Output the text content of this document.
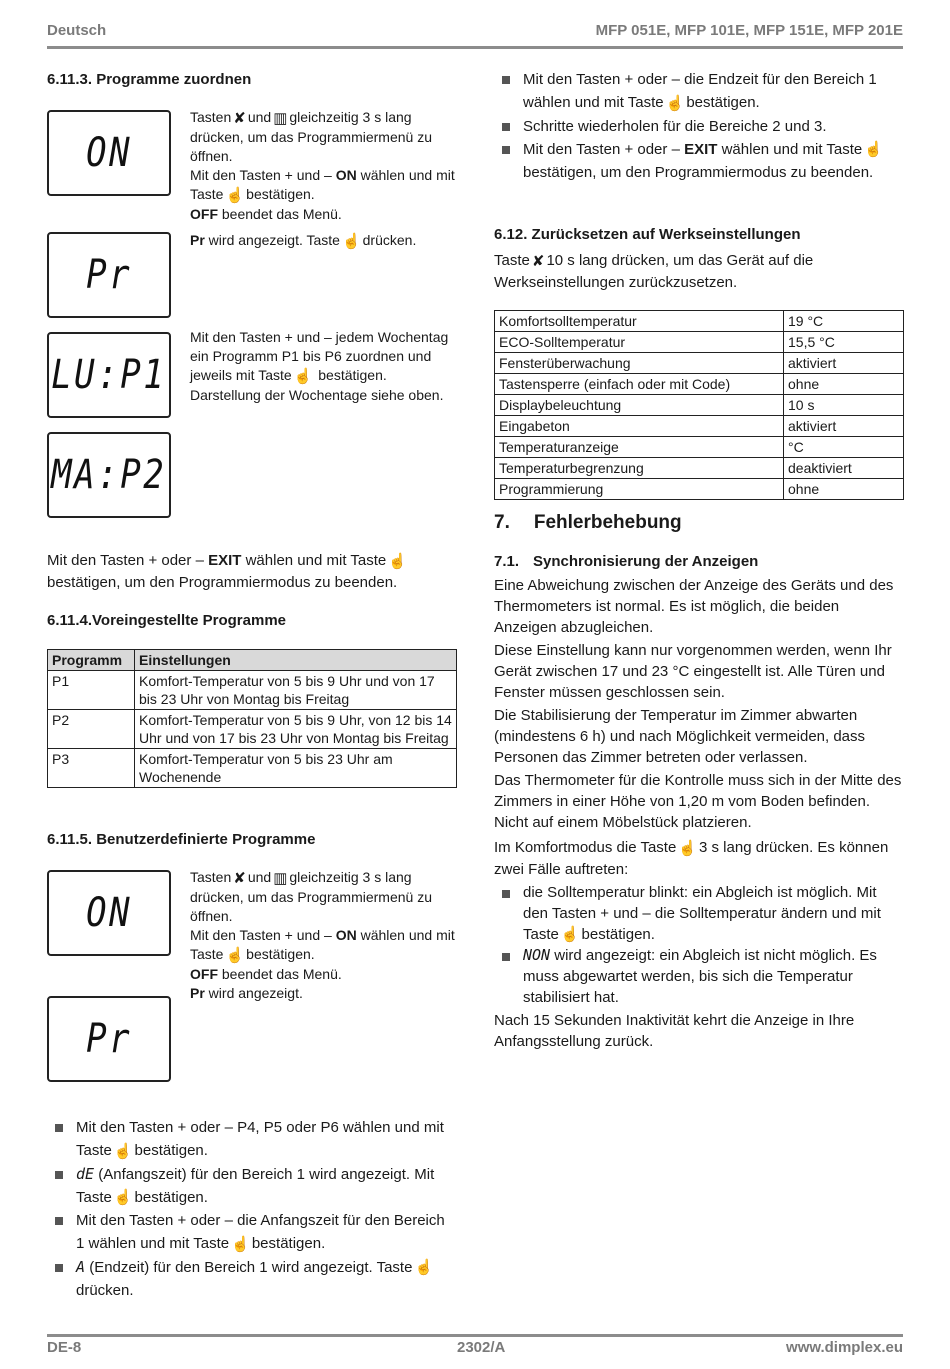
Deutsch	MFP 051E, MFP 101E, MFP 151E, MFP 201E
6.11.3. Programme zuordnen
ON
Tasten ✘ und ▥ gleichzeitig 3 s lang drücken, um das Programmiermenü zu öffnen.
Mit den Tasten + und – ON wählen und mit Taste ☝ bestätigen.
OFF beendet das Menü.
Pr
Pr wird angezeigt. Taste ☝ drücken.
LU:P1
Mit den Tasten + und – jedem Wochentag ein Programm P1 bis P6 zuordnen und jeweils mit Taste ☝ bestätigen.
Darstellung der Wochentage siehe oben.
MA:P2

Mit den Tasten + oder – EXIT wählen und mit Taste ☝bestätigen, um den Programmiermodus zu beenden.

6.11.4.Voreingestellte Programme
Programm	Einstellungen
P1	Komfort-Temperatur von 5 bis 9 Uhr und von 17 bis 23 Uhr von Montag bis Freitag
P2	Komfort-Temperatur von 5 bis 9 Uhr, von 12 bis 14 Uhr und von 17 bis 23 Uhr von Montag bis Freitag
P3	Komfort-Temperatur von 5 bis 23 Uhr am Wochenende
6.11.5. Benutzerdefinierte Programme
ON
Tasten ✘ und ▥ gleichzeitig 3 s lang drücken, um das Programmiermenü zu öffnen.
Mit den Tasten + und – ON wählen und mit Taste ☝ bestätigen.
OFF beendet das Menü.
Pr wird angezeigt.
Pr
Mit den Tasten + oder – P4, P5 oder P6 wählen und mit Taste ☝ bestätigen.
dE (Anfangszeit) für den Bereich 1 wird angezeigt. Mit Taste ☝ bestätigen.
Mit den Tasten + oder – die Anfangszeit für den Bereich 1 wählen und mit Taste ☝ bestätigen.
A (Endzeit) für den Bereich 1 wird angezeigt. Taste ☝drücken.
Mit den Tasten + oder – die Endzeit für den Bereich 1 wählen und mit Taste ☝ bestätigen.
Schritte wiederholen für die Bereiche 2 und 3.
Mit den Tasten + oder – EXIT wählen und mit Taste ☝bestätigen, um den Programmiermodus zu beenden.
6.12. Zurücksetzen auf Werkseinstellungen

Taste ✘ 10 s lang drücken, um das Gerät auf die Werkseinstellungen zurückzusetzen.

Komfortsolltemperatur	19 °C
ECO-Solltemperatur	15,5 °C
Fensterüberwachung	aktiviert
Tastensperre (einfach oder mit Code)	ohne
Displaybeleuchtung	10 s
Eingabeton	aktiviert
Temperaturanzeige	°C
Temperaturbegrenzung	deaktiviert
Programmierung	ohne
7. Fehlerbehebung
7.1. Synchronisierung der Anzeigen

Eine Abweichung zwischen der Anzeige des Geräts und des Thermometers ist normal. Es ist möglich, die beiden Anzeigen abzugleichen.

Diese Einstellung kann nur vorgenommen werden, wenn Ihr Gerät zwischen 17 und 23 °C eingestellt ist. Alle Türen und Fenster müssen geschlossen sein.

Die Stabilisierung der Temperatur im Zimmer abwarten (mindestens 6 h) und nach Möglichkeit vermeiden, dass Personen das Zimmer betreten oder verlassen.

Das Thermometer für die Kontrolle muss sich in der Mitte des Zimmers in einer Höhe von 1,20 m vom Boden befinden. Nicht auf einem Möbelstück platzieren.

Im Komfortmodus die Taste ☝ 3 s lang drücken. Es können zwei Fälle auftreten:

die Solltemperatur blinkt: ein Abgleich ist möglich. Mit den Tasten + und – die Solltemperatur ändern und mit Taste ☝ bestätigen.
NON wird angezeigt: ein Abgleich ist nicht möglich. Es muss abgewartet werden, bis sich die Temperatur stabilisiert hat.

Nach 15 Sekunden Inaktivität kehrt die Anzeige in Ihre Anfangsstellung zurück.

DE-8	2302/A	www.dimplex.eu
